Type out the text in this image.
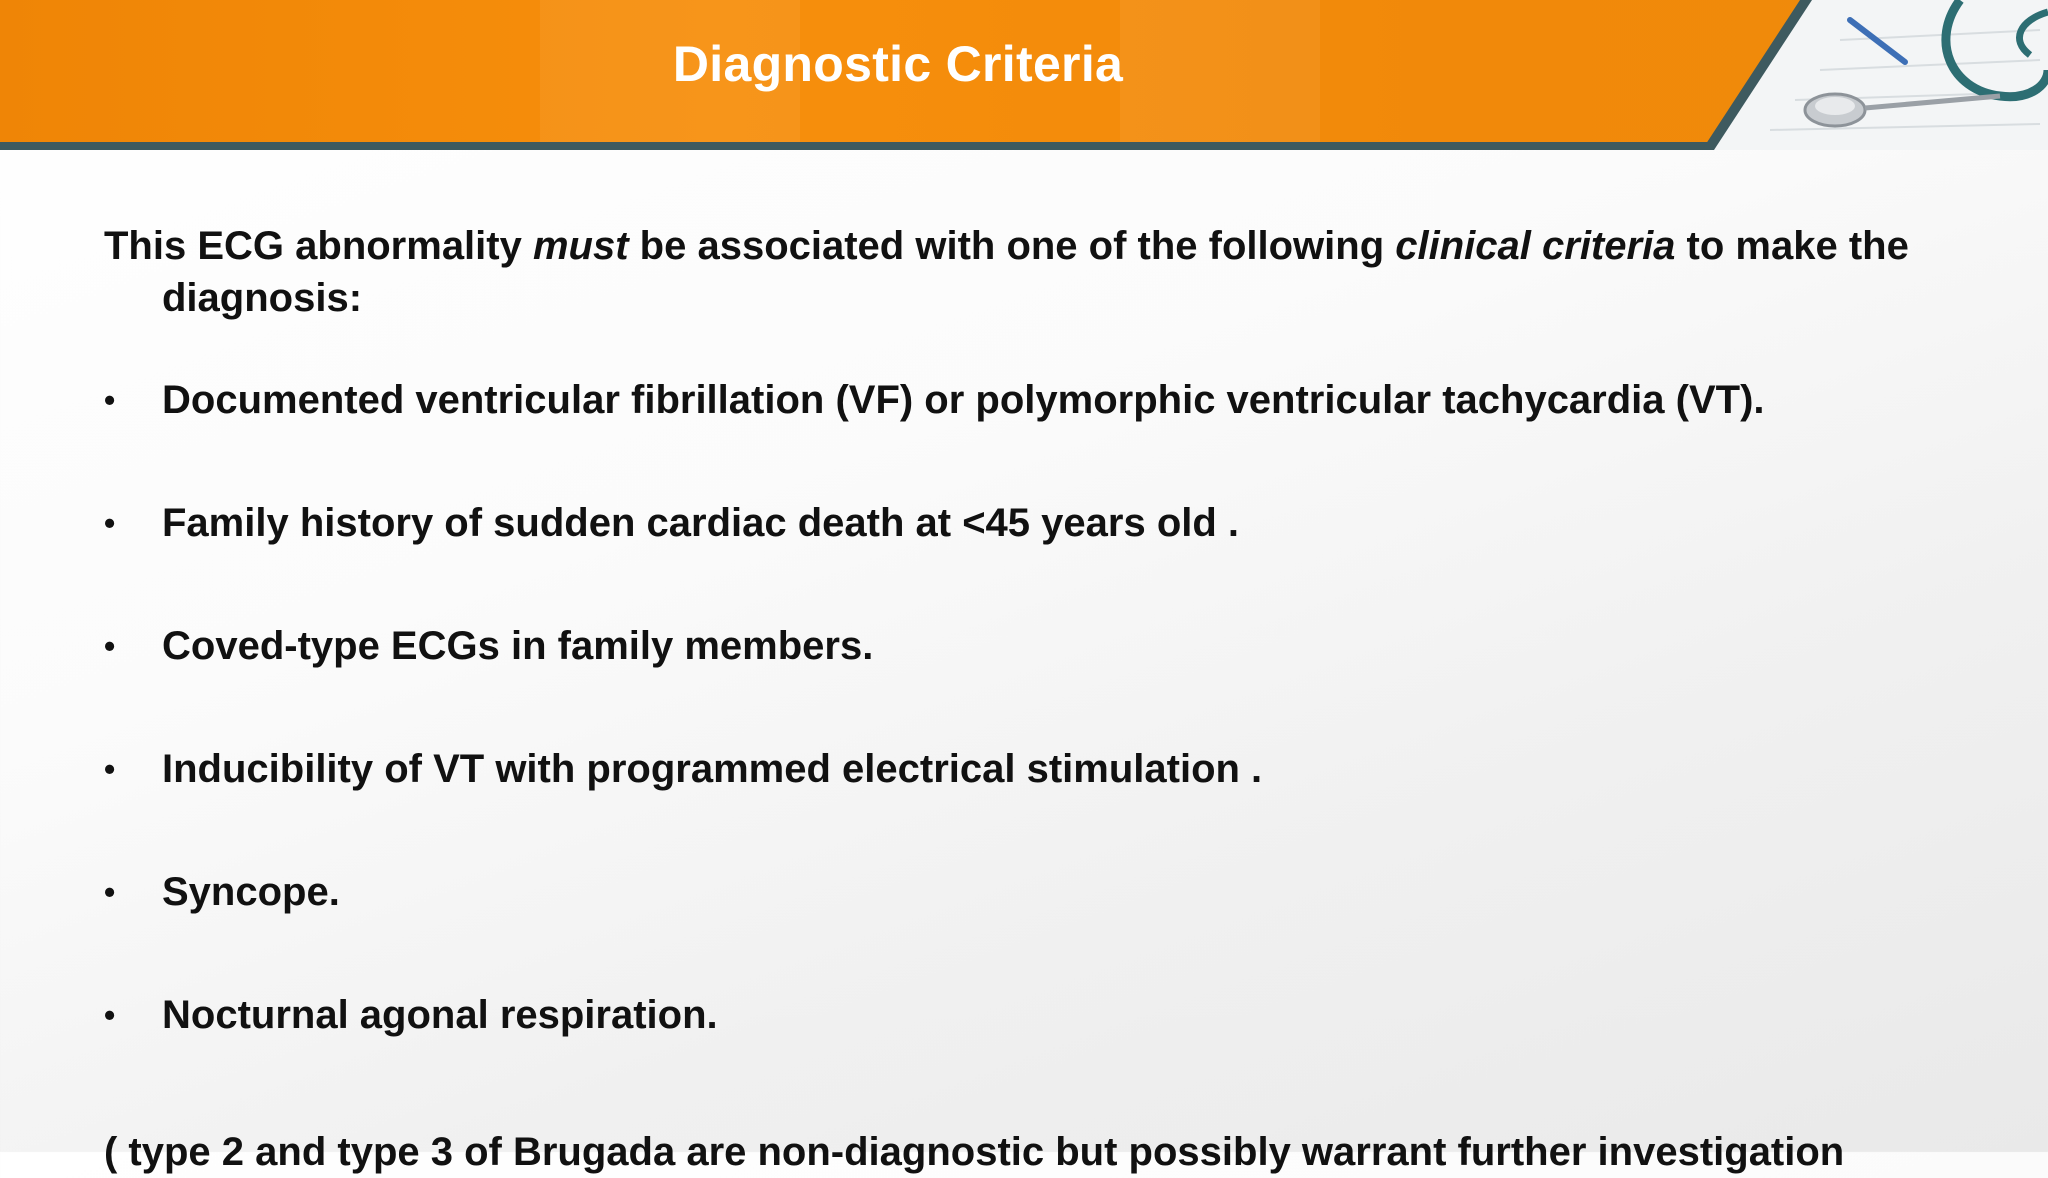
Diagnostic Criteria

This ECG abnormality must be associated with one of the following clinical criteria to make the diagnosis:

• Documented ventricular fibrillation (VF) or polymorphic ventricular tachycardia (VT).
• Family history of sudden cardiac death at <45 years old .
• Coved-type ECGs in family members.
• Inducibility of VT with programmed electrical stimulation .
• Syncope.
• Nocturnal agonal respiration.
( type 2 and type 3 of Brugada are non-diagnostic but possibly warrant further investigation
